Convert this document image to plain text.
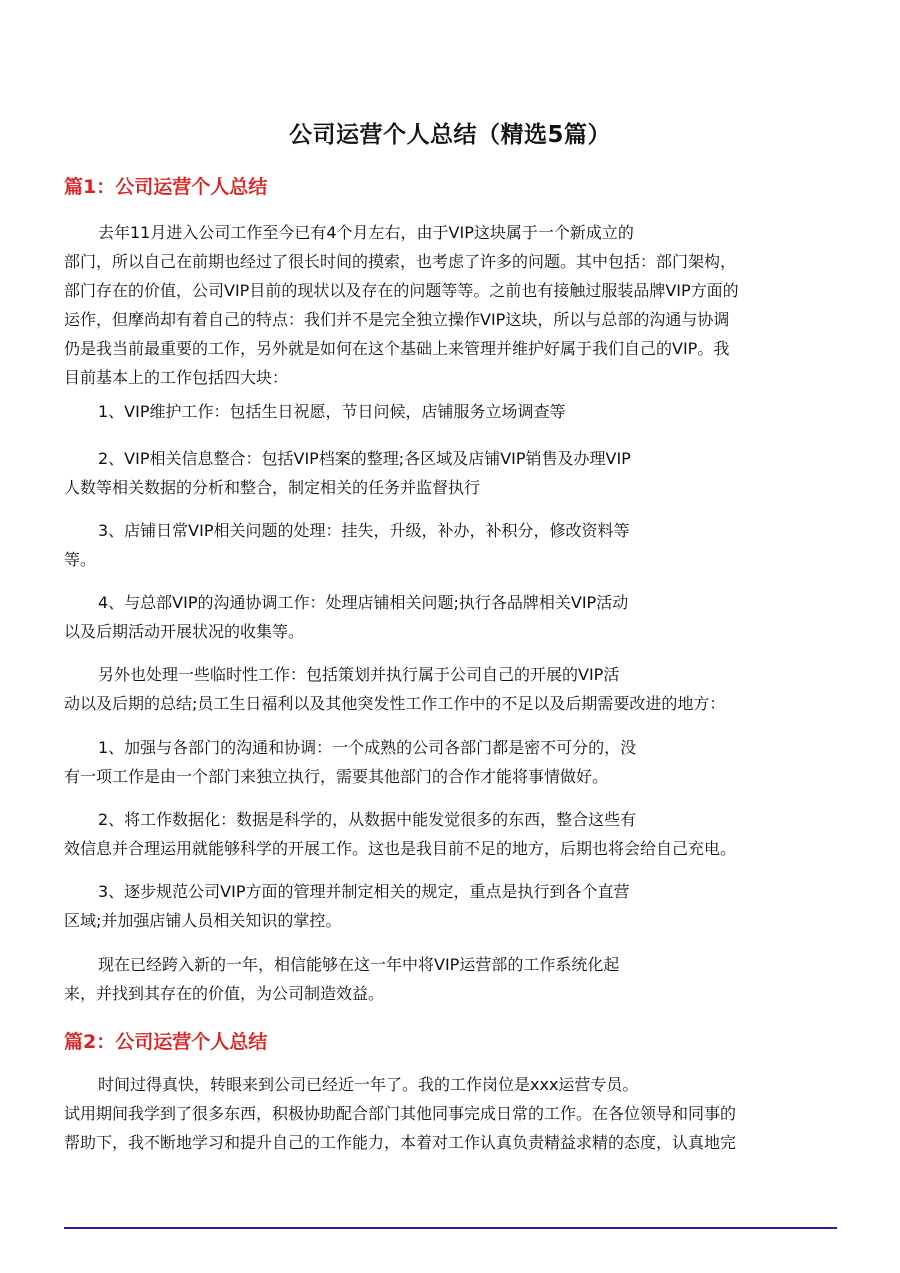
公司运营个人总结（精选5篇）
篇1：公司运营个人总结
去年11月进入公司工作至今已有4个月左右，由于VIP这块属于一个新成立的
部门，所以自己在前期也经过了很长时间的摸索，也考虑了许多的问题。其中包括：部门架构，
部门存在的价值，公司VIP目前的现状以及存在的问题等等。之前也有接触过服装品牌VIP方面的
运作，但摩尚却有着自己的特点：我们并不是完全独立操作VIP这块，所以与总部的沟通与协调
仍是我当前最重要的工作，另外就是如何在这个基础上来管理并维护好属于我们自己的VIP。我
目前基本上的工作包括四大块：
1、VIP维护工作：包括生日祝愿，节日问候，店铺服务立场调查等
2、VIP相关信息整合：包括VIP档案的整理;各区域及店铺VIP销售及办理VIP
人数等相关数据的分析和整合，制定相关的任务并监督执行
3、店铺日常VIP相关问题的处理：挂失，升级，补办，补积分，修改资料等
等。
4、与总部VIP的沟通协调工作：处理店铺相关问题;执行各品牌相关VIP活动
以及后期活动开展状况的收集等。
另外也处理一些临时性工作：包括策划并执行属于公司自己的开展的VIP活
动以及后期的总结;员工生日福利以及其他突发性工作工作中的不足以及后期需要改进的地方：
1、加强与各部门的沟通和协调：一个成熟的公司各部门都是密不可分的，没
有一项工作是由一个部门来独立执行，需要其他部门的合作才能将事情做好。
2、将工作数据化：数据是科学的，从数据中能发觉很多的东西，整合这些有
效信息并合理运用就能够科学的开展工作。这也是我目前不足的地方，后期也将会给自己充电。
3、逐步规范公司VIP方面的管理并制定相关的规定，重点是执行到各个直营
区域;并加强店铺人员相关知识的掌控。
现在已经跨入新的一年，相信能够在这一年中将VIP运营部的工作系统化起
来，并找到其存在的价值，为公司制造效益。
篇2：公司运营个人总结
时间过得真快，转眼来到公司已经近一年了。我的工作岗位是xxx运营专员。
试用期间我学到了很多东西，积极协助配合部门其他同事完成日常的工作。在各位领导和同事的
帮助下，我不断地学习和提升自己的工作能力，本着对工作认真负责精益求精的态度，认真地完
